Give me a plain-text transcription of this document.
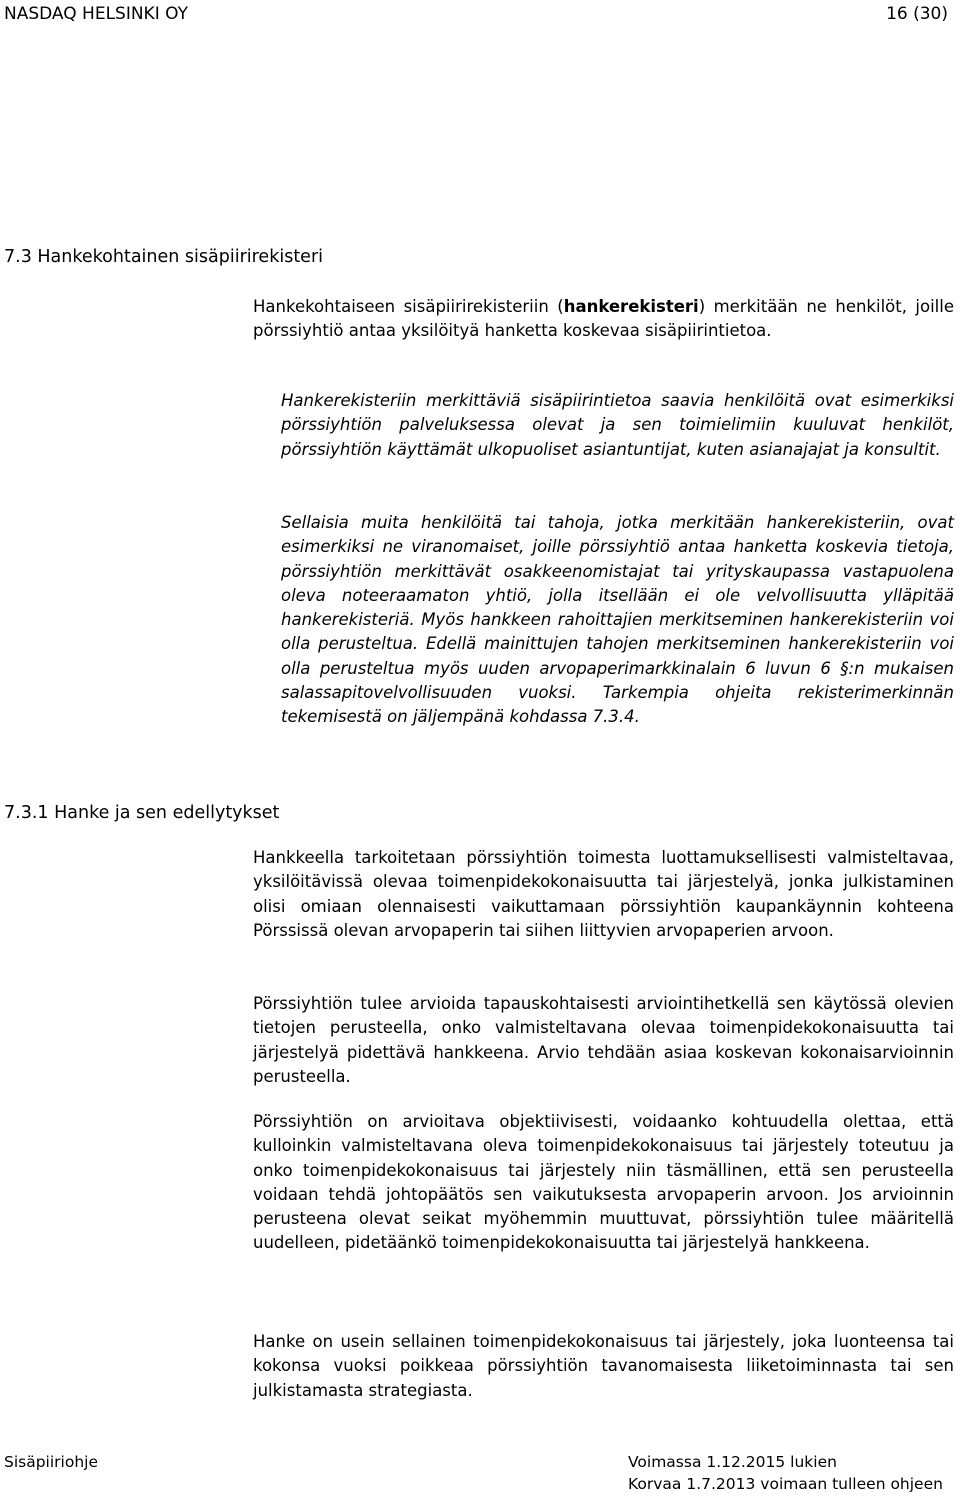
NASDAQ HELSINKI OY	16 (30)
7.3 Hankekohtainen sisäpiirirekisteri

Hankekohtaiseen sisäpiirirekisteriin (hankerekisteri) merkitään ne henkilöt, joille pörssiyhtiö antaa yksilöityä hanketta koskevaa sisäpiirintietoa.

Hankerekisteriin merkittäviä sisäpiirintietoa saavia henkilöitä ovat esimerkiksi pörssiyhtiön palveluksessa olevat ja sen toimielimiin kuuluvat henkilöt, pörssiyhtiön käyttämät ulkopuoliset asiantuntijat, kuten asianajajat ja konsultit.

Sellaisia muita henkilöitä tai tahoja, jotka merkitään hankerekisteriin, ovat esimerkiksi ne viranomaiset, joille pörssiyhtiö antaa hanketta koskevia tietoja, pörssiyhtiön merkittävät osakkeenomistajat tai yrityskaupassa vastapuolena oleva noteeraamaton yhtiö, jolla itsellään ei ole velvollisuutta ylläpitää hankerekisteriä. Myös hankkeen rahoittajien merkitseminen hankerekisteriin voi olla perusteltua. Edellä mainittujen tahojen merkitseminen hankerekisteriin voi olla perusteltua myös uuden arvopaperimarkkinalain 6 luvun 6 §:n mukaisen salassapitovelvollisuuden vuoksi. Tarkempia ohjeita rekisterimerkinnän tekemisestä on jäljempänä kohdassa 7.3.4.

7.3.1 Hanke ja sen edellytykset

Hankkeella tarkoitetaan pörssiyhtiön toimesta luottamuksellisesti valmisteltavaa, yksilöitävissä olevaa toimenpidekokonaisuutta tai järjestelyä, jonka julkistaminen olisi omiaan olennaisesti vaikuttamaan pörssiyhtiön kaupankäynnin kohteena Pörssissä olevan arvopaperin tai siihen liittyvien arvopaperien arvoon.

Pörssiyhtiön tulee arvioida tapauskohtaisesti arviointihetkellä sen käytössä olevien tietojen perusteella, onko valmisteltavana olevaa toimenpidekokonaisuutta tai järjestelyä pidettävä hankkeena. Arvio tehdään asiaa koskevan kokonaisarvioinnin perusteella.

Pörssiyhtiön on arvioitava objektiivisesti, voidaanko kohtuudella olettaa, että kulloinkin valmisteltavana oleva toimenpidekokonaisuus tai järjestely toteutuu ja onko toimenpidekokonaisuus tai järjestely niin täsmällinen, että sen perusteella voidaan tehdä johtopäätös sen vaikutuksesta arvopaperin arvoon. Jos arvioinnin perusteena olevat seikat myöhemmin muuttuvat, pörssiyhtiön tulee määritellä uudelleen, pidetäänkö toimenpidekokonaisuutta tai järjestelyä hankkeena.

Hanke on usein sellainen toimenpidekokonaisuus tai järjestely, joka luonteensa tai kokonsa vuoksi poikkeaa pörssiyhtiön tavanomaisesta liiketoiminnasta tai sen julkistamasta strategiasta.

Sisäpiiriohje	Voimassa 1.12.2015 lukien
Korvaa 1.7.2013 voimaan tulleen ohjeen
